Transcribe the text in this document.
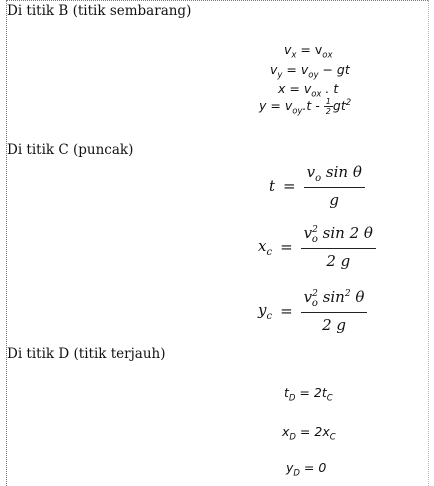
Di titik B (titik sembarang)
$v_x = v_{ox}$
$v_y = v_{oy}$ − gt
$x = v_{ox}$ . t
$y = v_{oy}.t - \frac{1}{2} gt^2$
Di titik C (puncak)
$t = \frac{v_o \sin \theta}{g}$
$x_c = \frac{v^2_o \sin 2 \theta}{2 g}$
$y_c = \frac{v^2_o \sin^2 \theta}{2 g}$
Di titik D (titik terjauh)
$t_D = 2t_C$
$x_D = 2x_C$
$y_D = 0$
